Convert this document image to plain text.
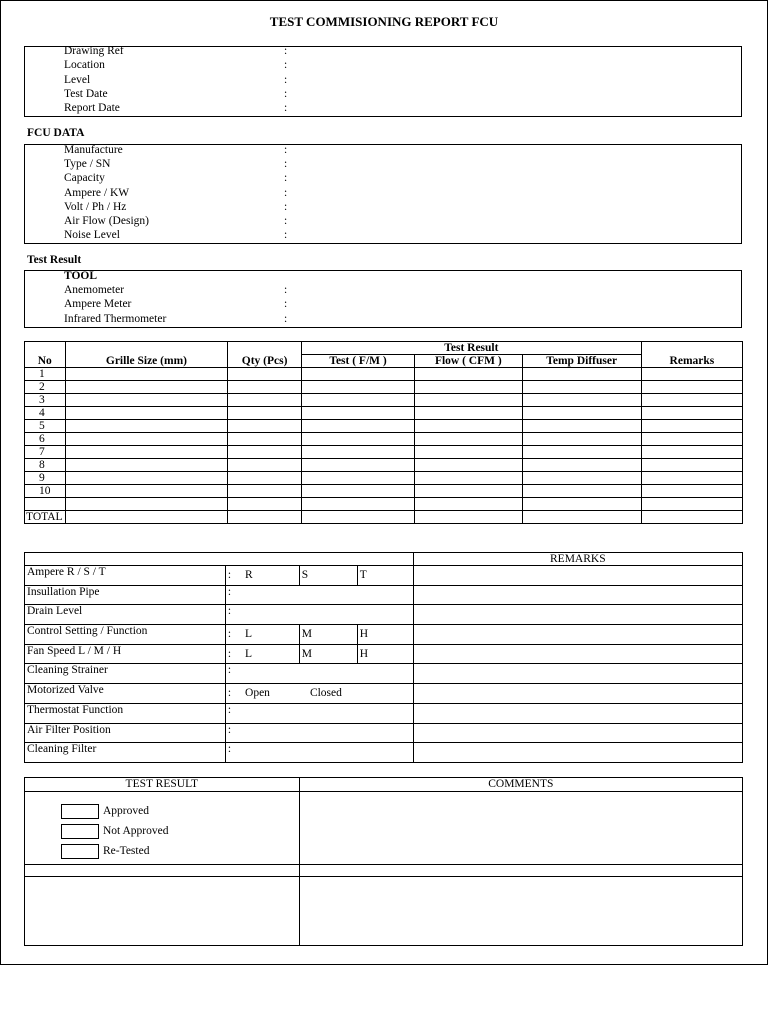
TEST COMMISIONING REPORT FCU
Drawing Ref	:
Location	:
Level	:
Test Date	:
Report Date	:
FCU DATA
Manufacture	:
Type / SN	:
Capacity	:
Ampere / KW	:
Volt / Ph / Hz	:
Air Flow (Design)	:
Noise Level	:
Test Result
TOOL
Anemometer	:
Ampere Meter	:
Infrared Thermometer	:
			Test Result			
No	Grille Size (mm)	Qty (Pcs)	Test ( F/M )	Flow ( CFM )	Temp Diffuser	Remarks
1						
2						
3						
4						
5						
6						
7						
8						
9						
10						

TOTAL						
				REMARKS
Ampere R / S / T	: R	S	T	
Insullation Pipe	:			
Drain Level	:			
Control Setting / Function	: L	M	H	
Fan Speed L / M / H	: L	M	H	
Cleaning Strainer	:			
Motorized Valve	: Open Closed			
Thermostat Function	:			
Air Filter Position	:			
Cleaning Filter	:			
TEST RESULT	COMMENTS

Approved
Not Approved
Re-Tested
